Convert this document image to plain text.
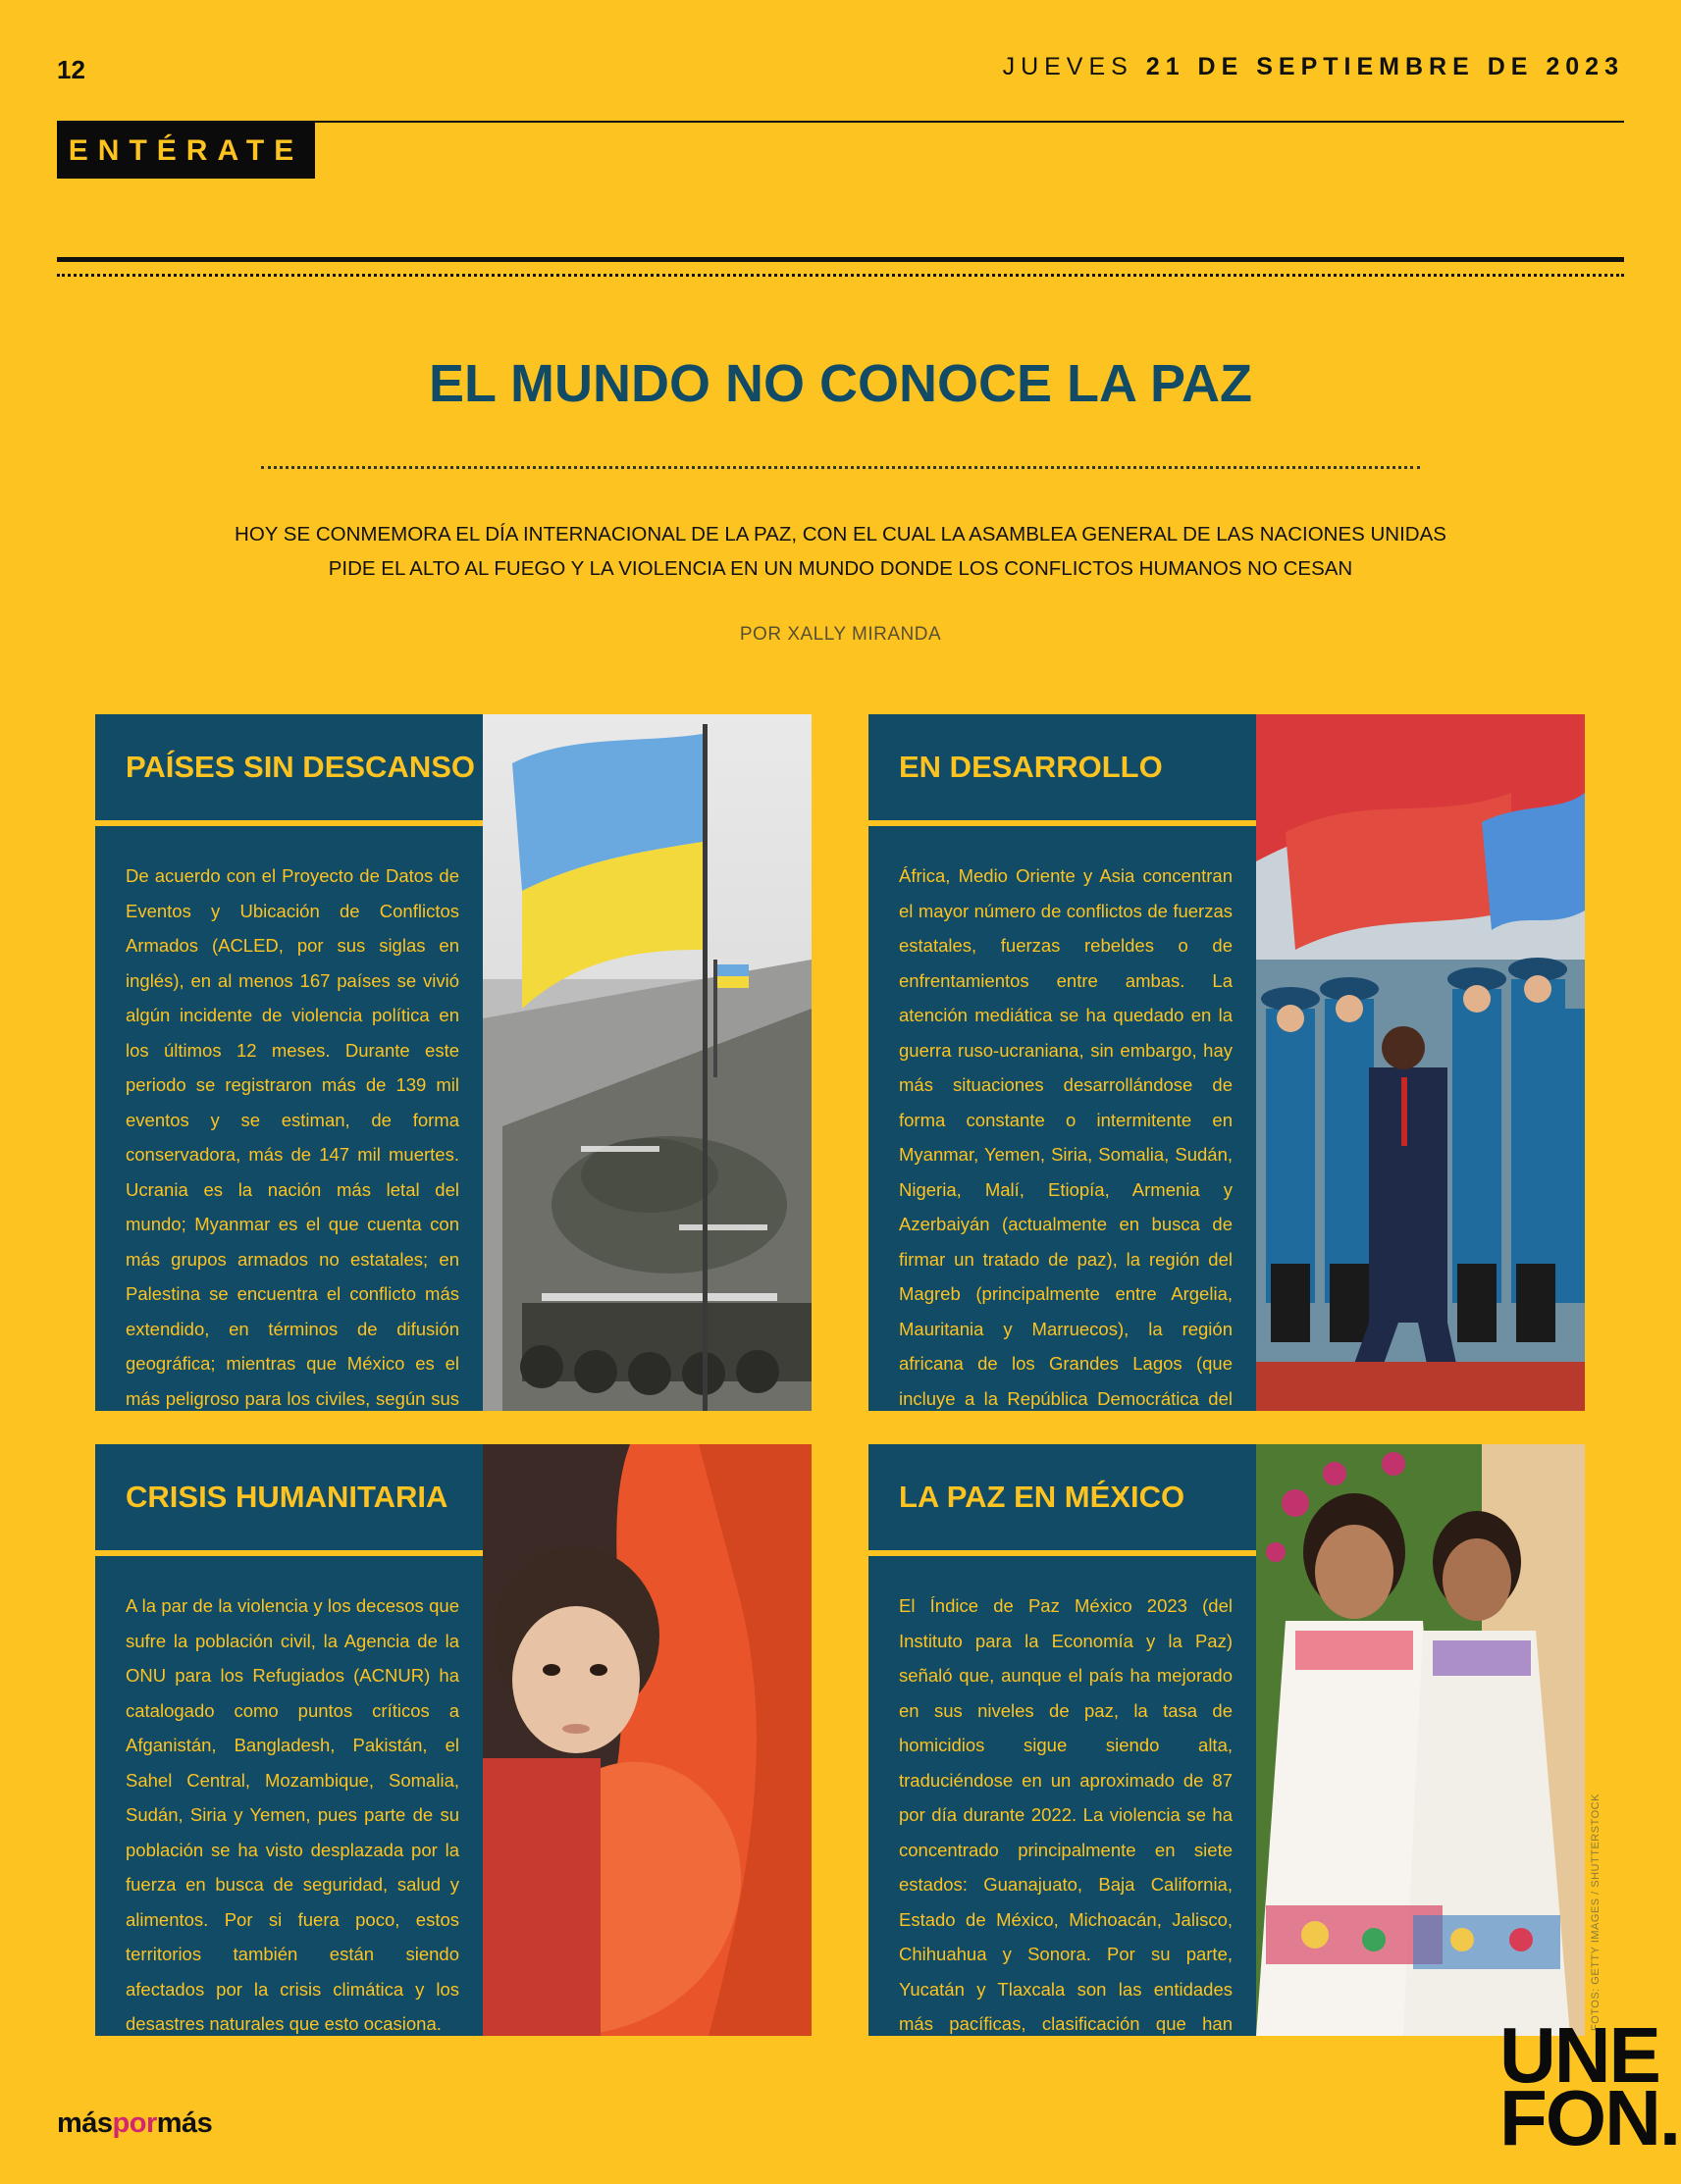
12	JUEVES 21 DE SEPTIEMBRE DE 2023
ENTÉRATE
EL MUNDO NO CONOCE LA PAZ
HOY SE CONMEMORA EL DÍA INTERNACIONAL DE LA PAZ, CON EL CUAL LA ASAMBLEA GENERAL DE LAS NACIONES UNIDAS
PIDE EL ALTO AL FUEGO Y LA VIOLENCIA EN UN MUNDO DONDE LOS CONFLICTOS HUMANOS NO CESAN
POR XALLY MIRANDA
PAÍSES SIN DESCANSO

De acuerdo con el Proyecto de Datos de Eventos y Ubicación de Conflictos Armados (ACLED, por sus siglas en inglés), en al menos 167 países se vivió algún incidente de violencia política en los últimos 12 meses. Durante este periodo se registraron más de 139 mil eventos y se estiman, de forma conservadora, más de 147 mil muertes. Ucrania es la nación más letal del mundo; Myanmar es el que cuenta con más grupos armados no estatales; en Palestina se encuentra el conflicto más extendido, en términos de difusión geográfica; mientras que México es el más peligroso para los civiles, según sus índices.

EN DESARROLLO

África, Medio Oriente y Asia concentran el mayor número de conflictos de fuerzas estatales, fuerzas rebeldes o de enfrentamientos entre ambas. La atención mediática se ha quedado en la guerra ruso-ucraniana, sin embargo, hay más situaciones desarrollándose de forma constante o intermitente en Myanmar, Yemen, Siria, Somalia, Sudán, Nigeria, Malí, Etiopía, Armenia y Azerbaiyán (actualmente en busca de firmar un tratado de paz), la región del Magreb (principalmente entre Argelia, Mauritania y Marruecos), la región africana de los Grandes Lagos (que incluye a la República Democrática del Congo y Ruanda), por mencionar

CRISIS HUMANITARIA

A la par de la violencia y los decesos que sufre la población civil, la Agencia de la ONU para los Refugiados (ACNUR) ha catalogado como puntos críticos a Afganistán, Bangladesh, Pakistán, el Sahel Central, Mozambique, Somalia, Sudán, Siria y Yemen, pues parte de su población se ha visto desplazada por la fuerza en busca de seguridad, salud y alimentos. Por si fuera poco, estos territorios también están siendo afectados por la crisis climática y los desastres naturales que esto ocasiona.

LA PAZ EN MÉXICO

El Índice de Paz México 2023 (del Instituto para la Economía y la Paz) señaló que, aunque el país ha mejorado en sus niveles de paz, la tasa de homicidios sigue siendo alta, traduciéndose en un aproximado de 87 por día durante 2022. La violencia se ha concentrado principalmente en siete estados: Guanajuato, Baja California, Estado de México, Michoacán, Jalisco, Chihuahua y Sonora. Por su parte, Yucatán y Tlaxcala son las entidades más pacíficas, clasificación que han mantenido desde 2015.

FOTOS: GETTY IMAGES / SHUTTERSTOCK
máspormás
UNE
FON.
